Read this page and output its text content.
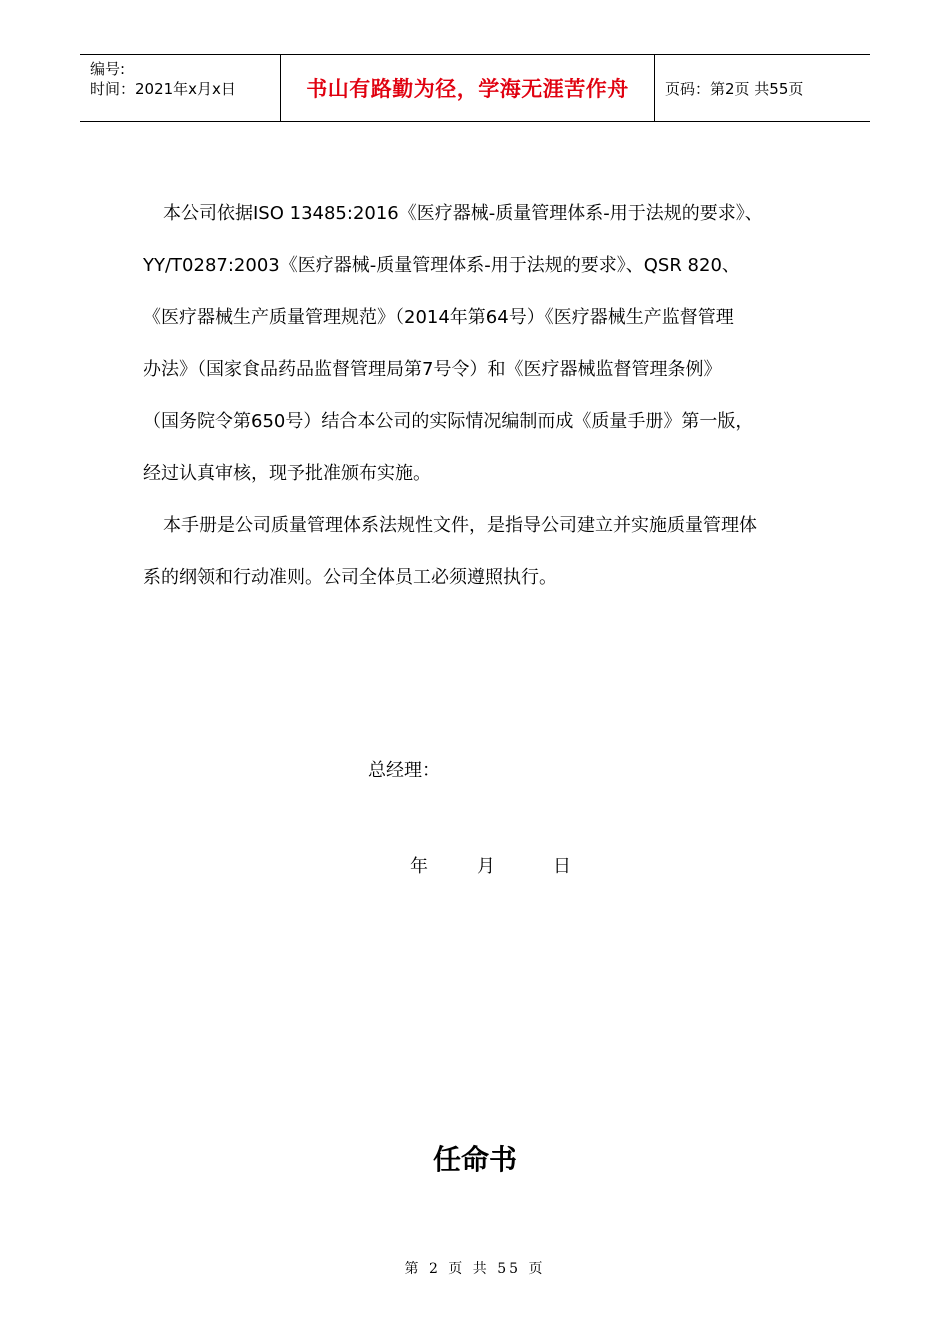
编号:
时间：2021年x月x日	书山有路勤为径，学海无涯苦作舟	页码：第2页 共55页

本公司依据ISO 13485:2016《医疗器械-质量管理体系-用于法规的要求》、

YY/T0287:2003《医疗器械-质量管理体系-用于法规的要求》、QSR 820、

《医疗器械生产质量管理规范》（2014年第64号）《医疗器械生产监督管理

办法》（国家食品药品监督管理局第7号令）和《医疗器械监督管理条例》

（国务院令第650号）结合本公司的实际情况编制而成《质量手册》第一版，

经过认真审核，现予批准颁布实施。

本手册是公司质量管理体系法规性文件，是指导公司建立并实施质量管理体

系的纲领和行动准则。公司全体员工必须遵照执行。

总经理：
年	月	日
任命书
第 2 页 共 55 页
